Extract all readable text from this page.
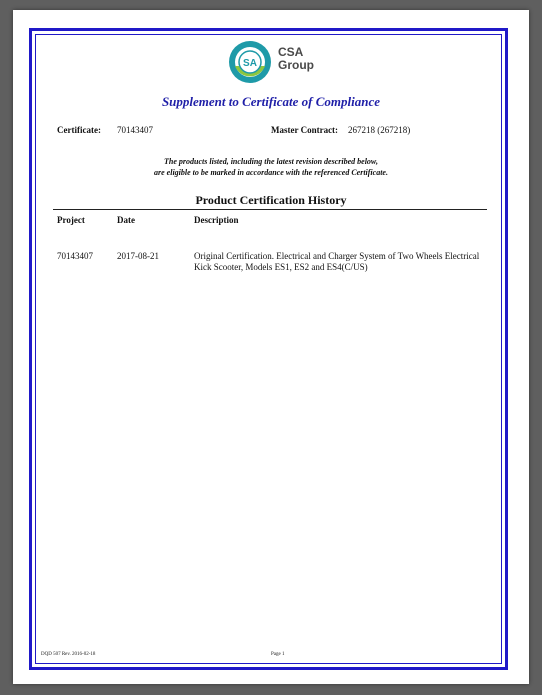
SA
CSA
Group
Supplement to Certificate of Compliance
Certificate: 70143407	Master Contract: 267218 (267218)
The products listed, including the latest revision described below,
are eligible to be marked in accordance with the referenced Certificate.
Product Certification History
Project	Date	Description
70143407	2017-08-21	Original Certification. Electrical and Charger System of Two Wheels Electrical Kick Scooter, Models ES1, ES2 and ES4(C/US)
DQD 507 Rev. 2016-02-18	Page 1
